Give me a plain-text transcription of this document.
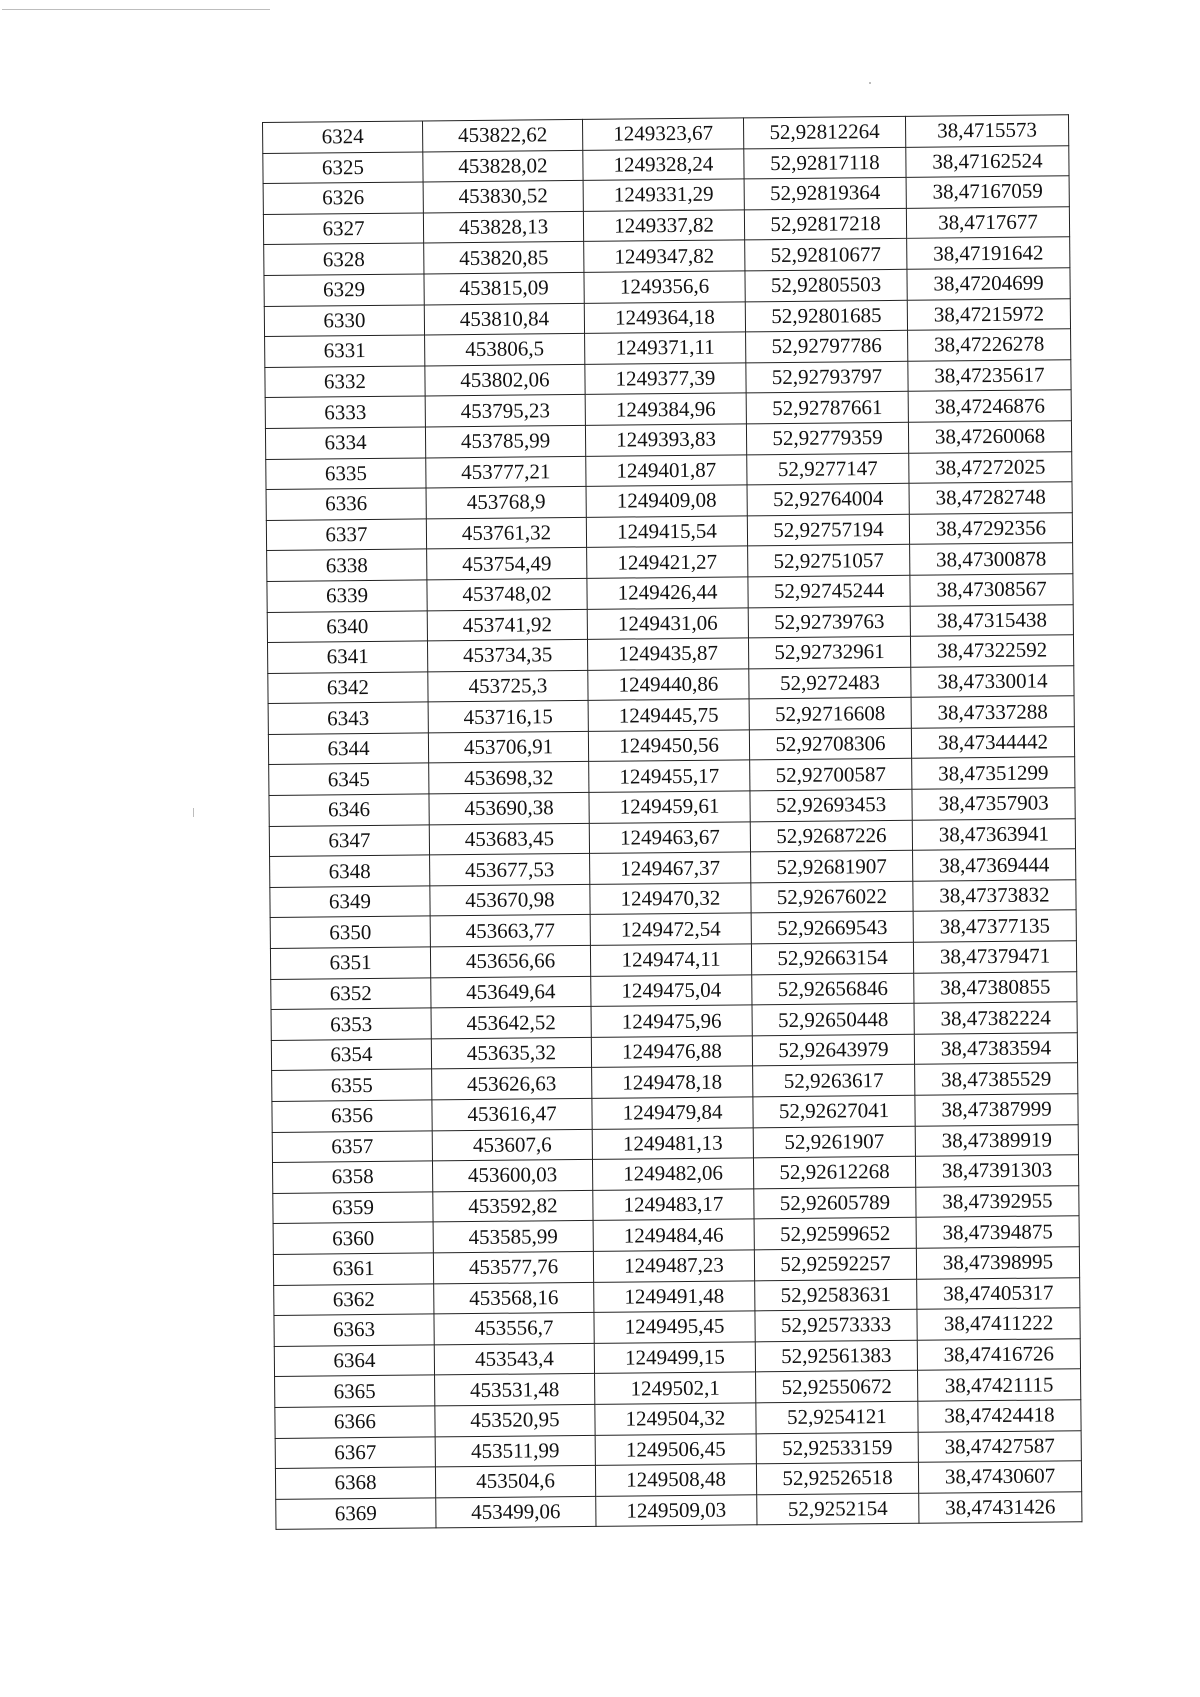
6324	453822,62	1249323,67	52,92812264	38,4715573
6325	453828,02	1249328,24	52,92817118	38,47162524
6326	453830,52	1249331,29	52,92819364	38,47167059
6327	453828,13	1249337,82	52,92817218	38,4717677
6328	453820,85	1249347,82	52,92810677	38,47191642
6329	453815,09	1249356,6	52,92805503	38,47204699
6330	453810,84	1249364,18	52,92801685	38,47215972
6331	453806,5	1249371,11	52,92797786	38,47226278
6332	453802,06	1249377,39	52,92793797	38,47235617
6333	453795,23	1249384,96	52,92787661	38,47246876
6334	453785,99	1249393,83	52,92779359	38,47260068
6335	453777,21	1249401,87	52,9277147	38,47272025
6336	453768,9	1249409,08	52,92764004	38,47282748
6337	453761,32	1249415,54	52,92757194	38,47292356
6338	453754,49	1249421,27	52,92751057	38,47300878
6339	453748,02	1249426,44	52,92745244	38,47308567
6340	453741,92	1249431,06	52,92739763	38,47315438
6341	453734,35	1249435,87	52,92732961	38,47322592
6342	453725,3	1249440,86	52,9272483	38,47330014
6343	453716,15	1249445,75	52,92716608	38,47337288
6344	453706,91	1249450,56	52,92708306	38,47344442
6345	453698,32	1249455,17	52,92700587	38,47351299
6346	453690,38	1249459,61	52,92693453	38,47357903
6347	453683,45	1249463,67	52,92687226	38,47363941
6348	453677,53	1249467,37	52,92681907	38,47369444
6349	453670,98	1249470,32	52,92676022	38,47373832
6350	453663,77	1249472,54	52,92669543	38,47377135
6351	453656,66	1249474,11	52,92663154	38,47379471
6352	453649,64	1249475,04	52,92656846	38,47380855
6353	453642,52	1249475,96	52,92650448	38,47382224
6354	453635,32	1249476,88	52,92643979	38,47383594
6355	453626,63	1249478,18	52,9263617	38,47385529
6356	453616,47	1249479,84	52,92627041	38,47387999
6357	453607,6	1249481,13	52,9261907	38,47389919
6358	453600,03	1249482,06	52,92612268	38,47391303
6359	453592,82	1249483,17	52,92605789	38,47392955
6360	453585,99	1249484,46	52,92599652	38,47394875
6361	453577,76	1249487,23	52,92592257	38,47398995
6362	453568,16	1249491,48	52,92583631	38,47405317
6363	453556,7	1249495,45	52,92573333	38,47411222
6364	453543,4	1249499,15	52,92561383	38,47416726
6365	453531,48	1249502,1	52,92550672	38,47421115
6366	453520,95	1249504,32	52,9254121	38,47424418
6367	453511,99	1249506,45	52,92533159	38,47427587
6368	453504,6	1249508,48	52,92526518	38,47430607
6369	453499,06	1249509,03	52,9252154	38,47431426
